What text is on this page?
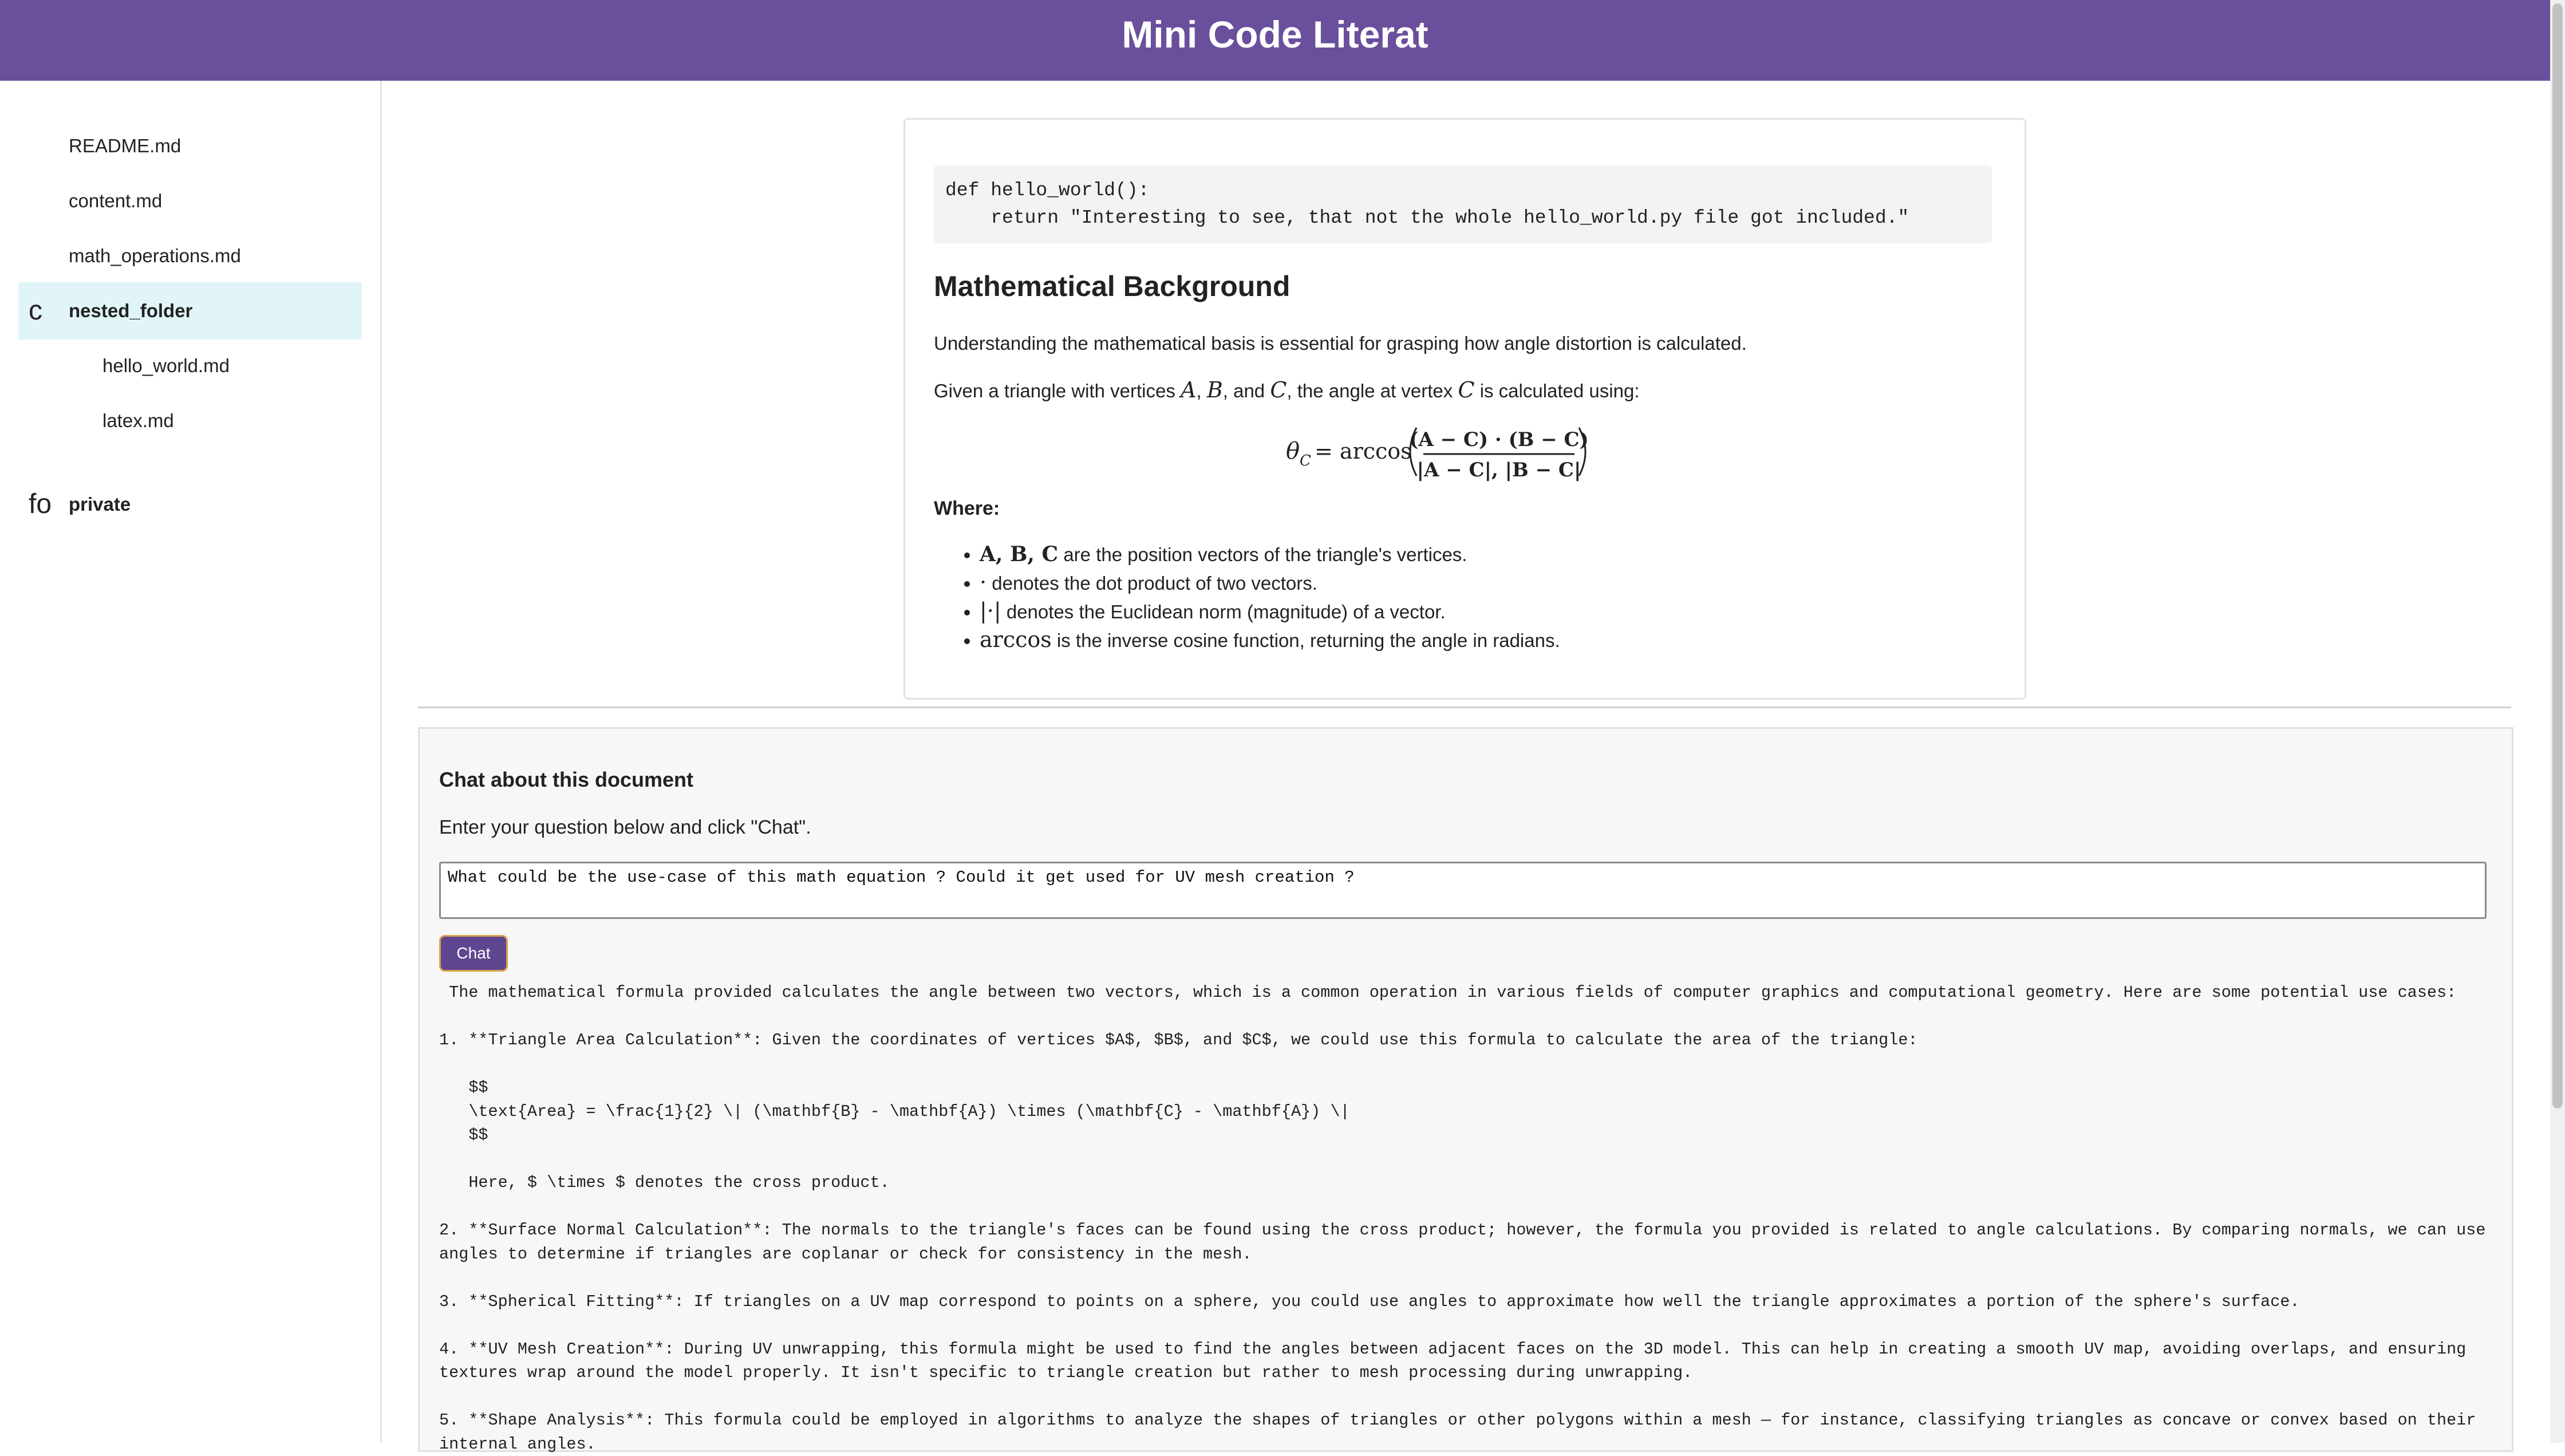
Mini Code Literat
README.md
content.md
math_operations.md
c nested_folder
hello_world.md
latex.md
fo private

def hello_world():
return "Interesting to see, that not the whole hello_world.py file got included."

Mathematical Background
Understanding the mathematical basis is essential for grasping how angle distortion is calculated.
Given a triangle with vertices A, B, and C, the angle at vertex C is calculated using:
θ C = arccos
(A − C) · (B − C)
|A − C|, |B − C|
Where:
• A, B, C are the position vectors of the triangle's vertices.
• · denotes the dot product of two vectors.
• |·| denotes the Euclidean norm (magnitude) of a vector.
• arccos is the inverse cosine function, returning the angle in radians.
Chat about this document
Enter your question below and click "Chat".
What could be the use-case of this math equation ? Could it get used for UV mesh creation ?
Chat
The mathematical formula provided calculates the angle between two vectors, which is a common operation in various fields of computer graphics and computational geometry. Here are some potential use cases:

1. **Triangle Area Calculation**: Given the coordinates of vertices $A$, $B$, and $C$, we could use this formula to calculate the area of the triangle:

$$
\text{Area} = \frac{1}{2} \| (\mathbf{B} - \mathbf{A}) \times (\mathbf{C} - \mathbf{A}) \|
$$

Here, $ \times $ denotes the cross product.

2. **Surface Normal Calculation**: The normals to the triangle's faces can be found using the cross product; however, the formula you provided is related to angle calculations. By comparing normals, we can use angles to determine if triangles are coplanar or check for consistency in the mesh.

3. **Spherical Fitting**: If triangles on a UV map correspond to points on a sphere, you could use angles to approximate how well the triangle approximates a portion of the sphere's surface.

4. **UV Mesh Creation**: During UV unwrapping, this formula might be used to find the angles between adjacent faces on the 3D model. This can help in creating a smooth UV map, avoiding overlaps, and ensuring textures wrap around the model properly. It isn't specific to triangle creation but rather to mesh processing during unwrapping.

5. **Shape Analysis**: This formula could be employed in algorithms to analyze the shapes of triangles or other polygons within a mesh — for instance, classifying triangles as concave or convex based on their internal angles.
